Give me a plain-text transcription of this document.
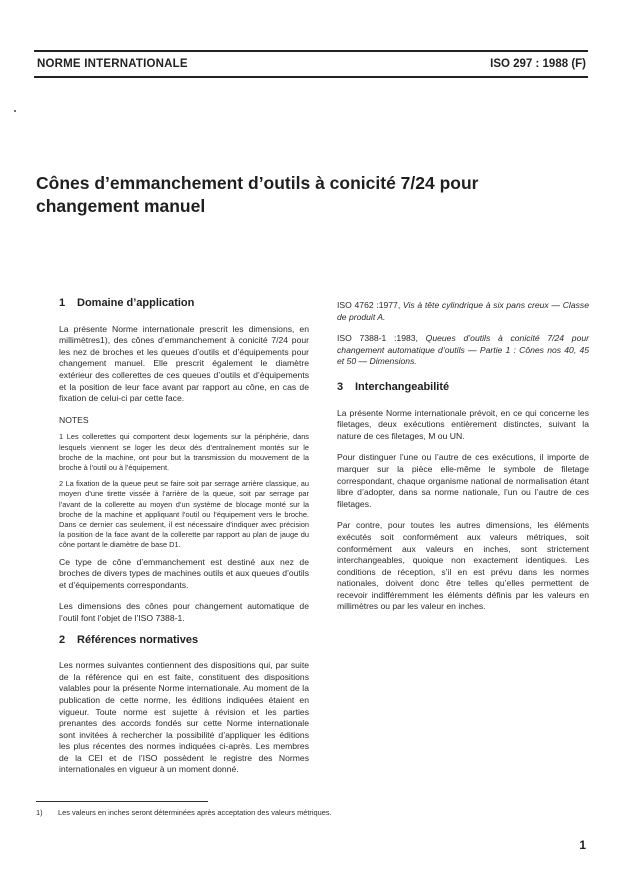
NORME INTERNATIONALE	ISO 297 : 1988 (F)
Cônes d’emmanchement d’outils à conicité 7/24 pour
changement manuel
1 Domaine d’application

La présente Norme internationale prescrit les dimensions, en millimètres1), des cônes d’emmanchement à conicité 7/24 pour les nez de broches et les queues d’outils et d’équipements pour changement manuel. Elle prescrit également le diamètre extérieur des collerettes de ces queues d’outils et d’équipements et la position de leur face avant par rapport au cône, en cas de fixation de celui-ci par cette face.

NOTES

1 Les collerettes qui comportent deux logements sur la périphérie, dans lesquels viennent se loger les deux dés d’entraînement montés sur le broche de la machine, ont pour but la transmission du mouvement de la broche à l’outil ou à l’équipement.

2 La fixation de la queue peut se faire soit par serrage arrière classique, au moyen d’une tirette vissée à l’arrière de la queue, soit par serrage par l’avant de la collerette au moyen d’un système de blocage monté sur la broche de la machine et appliquant l’outil ou l’équipement vers le broche. Dans ce dernier cas seulement, il est nécessaire d’indiquer avec précision la position de la face avant de la collerette par rapport au plan de jauge du cône portant le diamètre de base D1.

Ce type de cône d’emmanchement est destiné aux nez de broches de divers types de machines outils et aux queues d’outils et d’équipements correspondants.

Les dimensions des cônes pour changement automatique de l’outil font l’objet de l’ISO 7388-1.

2 Références normatives

Les normes suivantes contiennent des dispositions qui, par suite de la référence qui en est faite, constituent des dispositions valables pour la présente Norme internationale. Au moment de la publication de cette norme, les éditions indiquées étaient en vigueur. Toute norme est sujette à révision et les parties prenantes des accords fondés sur cette Norme internationale sont invitées à rechercher la possibilité d’appliquer les éditions les plus récentes des normes indiquées ci-après. Les membres de la CEI et de l’ISO possèdent le registre des Normes internationales en vigueur à un moment donné.

ISO 4762 :1977, Vis à tête cylindrique à six pans creux — Classe de produit A.

ISO 7388-1 :1983, Queues d’outils à conicité 7/24 pour changement automatique d’outils — Partie 1 : Cônes nos 40, 45 et 50 — Dimensions.

3 Interchangeabilité

La présente Norme internationale prévoit, en ce qui concerne les filetages, deux exécutions entièrement distinctes, suivant la nature de ces filetages, M ou UN.

Pour distinguer l’une ou l’autre de ces exécutions, il importe de marquer sur la pièce elle-même le symbole de filetage correspondant, chaque organisme national de normalisation étant libre d’adopter, dans sa norme nationale, l’un ou l’autre de ces filetages.

Par contre, pour toutes les autres dimensions, les éléments exécutés soit conformément aux valeurs métriques, soit conformément aux valeurs en inches, sont strictement interchangeables, quoique non exactement identiques. Les conditions de réception, s’il en est prévu dans les normes nationales, doivent donc être telles qu’elles permettent de recevoir indifféremment les éléments définis par les valeurs en millimètres ou par les valeur en inches.

1) Les valeurs en inches seront déterminées après acceptation des valeurs métriques.
1
